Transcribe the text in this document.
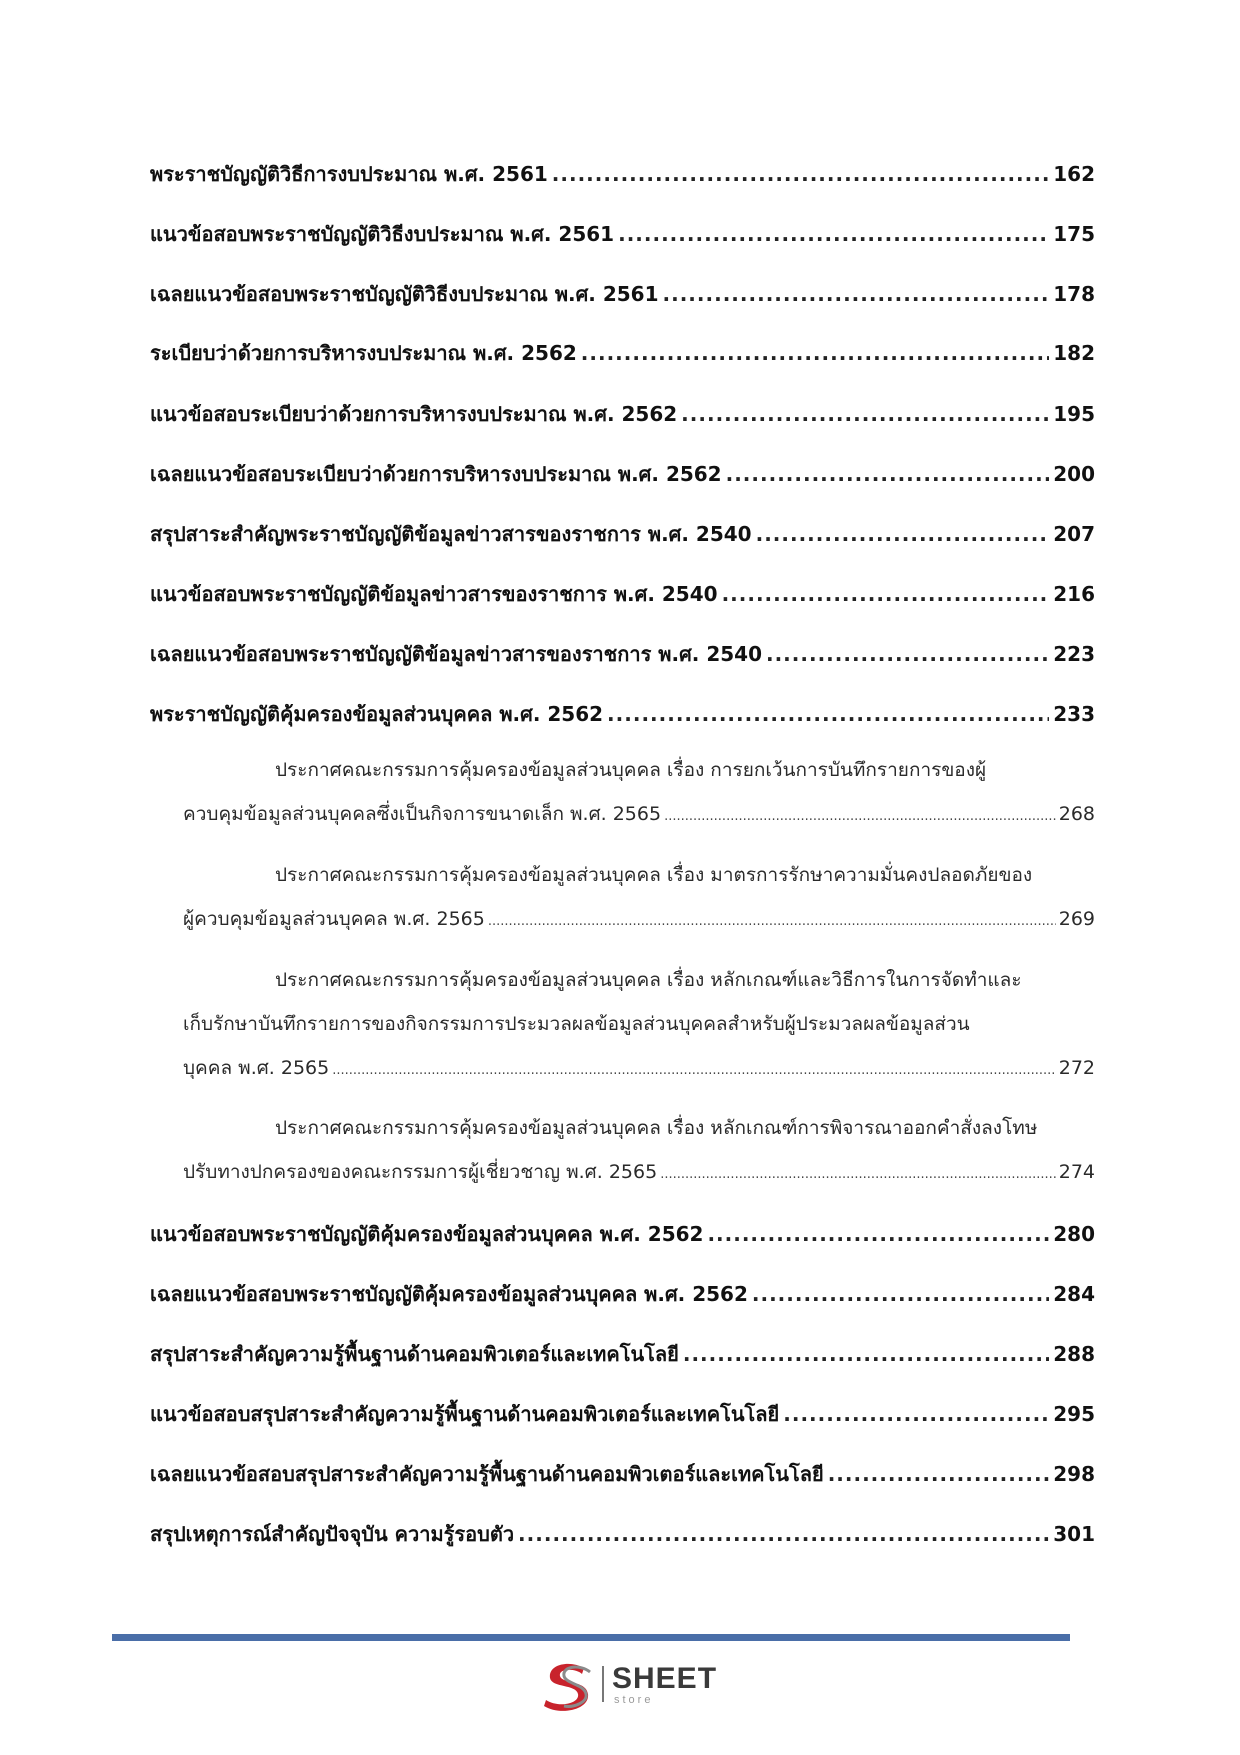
พระราชบัญญัติวิธีการงบประมาณ พ.ศ. 2561 .....	162
แนวข้อสอบพระราชบัญญัติวิธีงบประมาณ พ.ศ. 2561 .....	175
เฉลยแนวข้อสอบพระราชบัญญัติวิธีงบประมาณ พ.ศ. 2561 .....	178
ระเบียบว่าด้วยการบริหารงบประมาณ พ.ศ. 2562 .....	182
แนวข้อสอบระเบียบว่าด้วยการบริหารงบประมาณ พ.ศ. 2562 .....	195
เฉลยแนวข้อสอบระเบียบว่าด้วยการบริหารงบประมาณ พ.ศ. 2562 .....	200
สรุปสาระสำคัญพระราชบัญญัติข้อมูลข่าวสารของราชการ พ.ศ. 2540 .....	207
แนวข้อสอบพระราชบัญญัติข้อมูลข่าวสารของราชการ พ.ศ. 2540 .....	216
เฉลยแนวข้อสอบพระราชบัญญัติข้อมูลข่าวสารของราชการ พ.ศ. 2540 .....	223
พระราชบัญญัติคุ้มครองข้อมูลส่วนบุคคล พ.ศ. 2562 .....	233
ประกาศคณะกรรมการคุ้มครองข้อมูลส่วนบุคคล เรื่อง การยกเว้นการบันทึกรายการของผู้
ควบคุมข้อมูลส่วนบุคคลซึ่งเป็นกิจการขนาดเล็ก พ.ศ. 2565 .....	268
ประกาศคณะกรรมการคุ้มครองข้อมูลส่วนบุคคล เรื่อง มาตรการรักษาความมั่นคงปลอดภัยของ
ผู้ควบคุมข้อมูลส่วนบุคคล พ.ศ. 2565 .....	269
ประกาศคณะกรรมการคุ้มครองข้อมูลส่วนบุคคล เรื่อง หลักเกณฑ์และวิธีการในการจัดทำและ
เก็บรักษาบันทึกรายการของกิจกรรมการประมวลผลข้อมูลส่วนบุคคลสำหรับผู้ประมวลผลข้อมูลส่วน
บุคคล พ.ศ. 2565 .....	272
ประกาศคณะกรรมการคุ้มครองข้อมูลส่วนบุคคล เรื่อง หลักเกณฑ์การพิจารณาออกคำสั่งลงโทษ
ปรับทางปกครองของคณะกรรมการผู้เชี่ยวชาญ พ.ศ. 2565 .....	274
แนวข้อสอบพระราชบัญญัติคุ้มครองข้อมูลส่วนบุคคล พ.ศ. 2562 .....	280
เฉลยแนวข้อสอบพระราชบัญญัติคุ้มครองข้อมูลส่วนบุคคล พ.ศ. 2562 .....	284
สรุปสาระสำคัญความรู้พื้นฐานด้านคอมพิวเตอร์และเทคโนโลยี .....	288
แนวข้อสอบสรุปสาระสำคัญความรู้พื้นฐานด้านคอมพิวเตอร์และเทคโนโลยี .....	295
เฉลยแนวข้อสอบสรุปสาระสำคัญความรู้พื้นฐานด้านคอมพิวเตอร์และเทคโนโลยี .....	298
สรุปเหตุการณ์สำคัญปัจจุบัน ความรู้รอบตัว .....	301
SHEET
store
